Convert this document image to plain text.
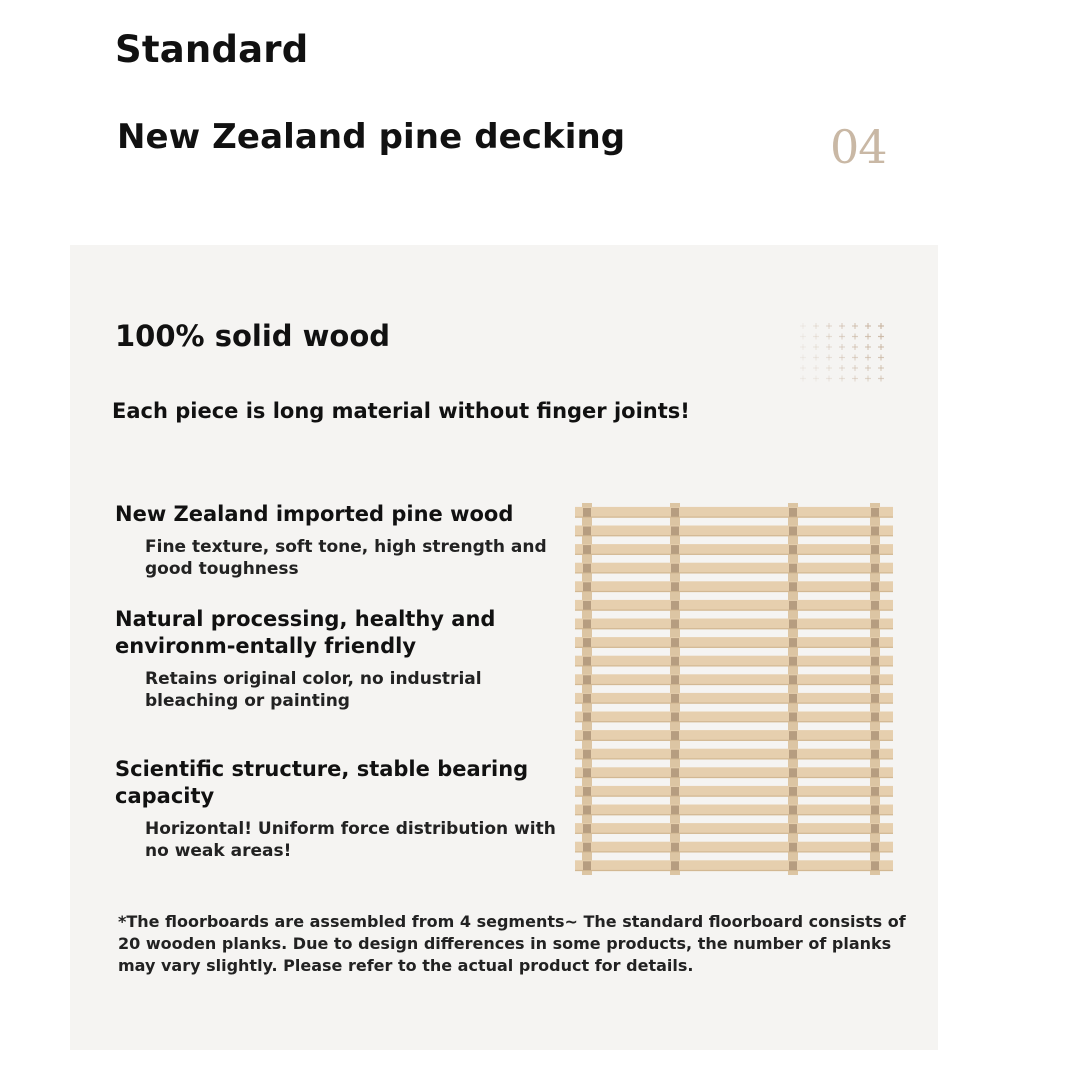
Standard
New Zealand pine decking	04
100% solid wood
Each piece is long material without finger joints!
New Zealand imported pine wood
Fine texture, soft tone, high strength and good toughness
Natural processing, healthy and environm-entally friendly
Retains original color, no industrial bleaching or painting
Scientific structure, stable bearing capacity
Horizontal! Uniform force distribution with no weak areas!
*The floorboards are assembled from 4 segments~ The standard floorboard consists of 20 wooden planks. Due to design differences in some products, the number of planks may vary slightly. Please refer to the actual product for details.
